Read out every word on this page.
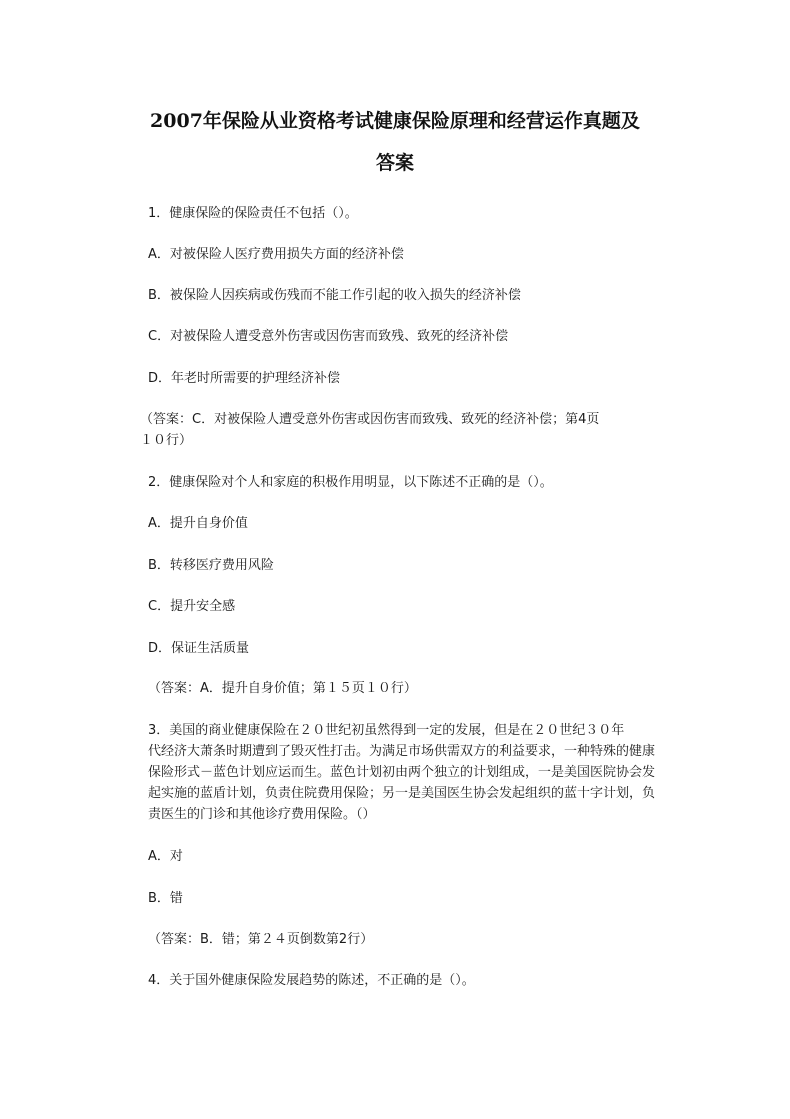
2007年保险从业资格考试健康保险原理和经营运作真题及
答案
1．健康保险的保险责任不包括（）。
A．对被保险人医疗费用损失方面的经济补偿
B．被保险人因疾病或伤残而不能工作引起的收入损失的经济补偿
C．对被保险人遭受意外伤害或因伤害而致残、致死的经济补偿
D．年老时所需要的护理经济补偿
（答案：C．对被保险人遭受意外伤害或因伤害而致残、致死的经济补偿；第4页
１０行）
2．健康保险对个人和家庭的积极作用明显，以下陈述不正确的是（）。
A．提升自身价值
B．转移医疗费用风险
C．提升安全感
D．保证生活质量
（答案：A．提升自身价值；第１５页１０行）
3．美国的商业健康保险在２０世纪初虽然得到一定的发展，但是在２０世纪３０年
代经济大萧条时期遭到了毁灭性打击。为满足市场供需双方的利益要求，一种特殊的健康
保险形式－蓝色计划应运而生。蓝色计划初由两个独立的计划组成，一是美国医院协会发
起实施的蓝盾计划，负责住院费用保险；另一是美国医生协会发起组织的蓝十字计划，负
责医生的门诊和其他诊疗费用保险。（）
A．对
B．错
（答案：B．错；第２４页倒数第2行）
4．关于国外健康保险发展趋势的陈述，不正确的是（）。
